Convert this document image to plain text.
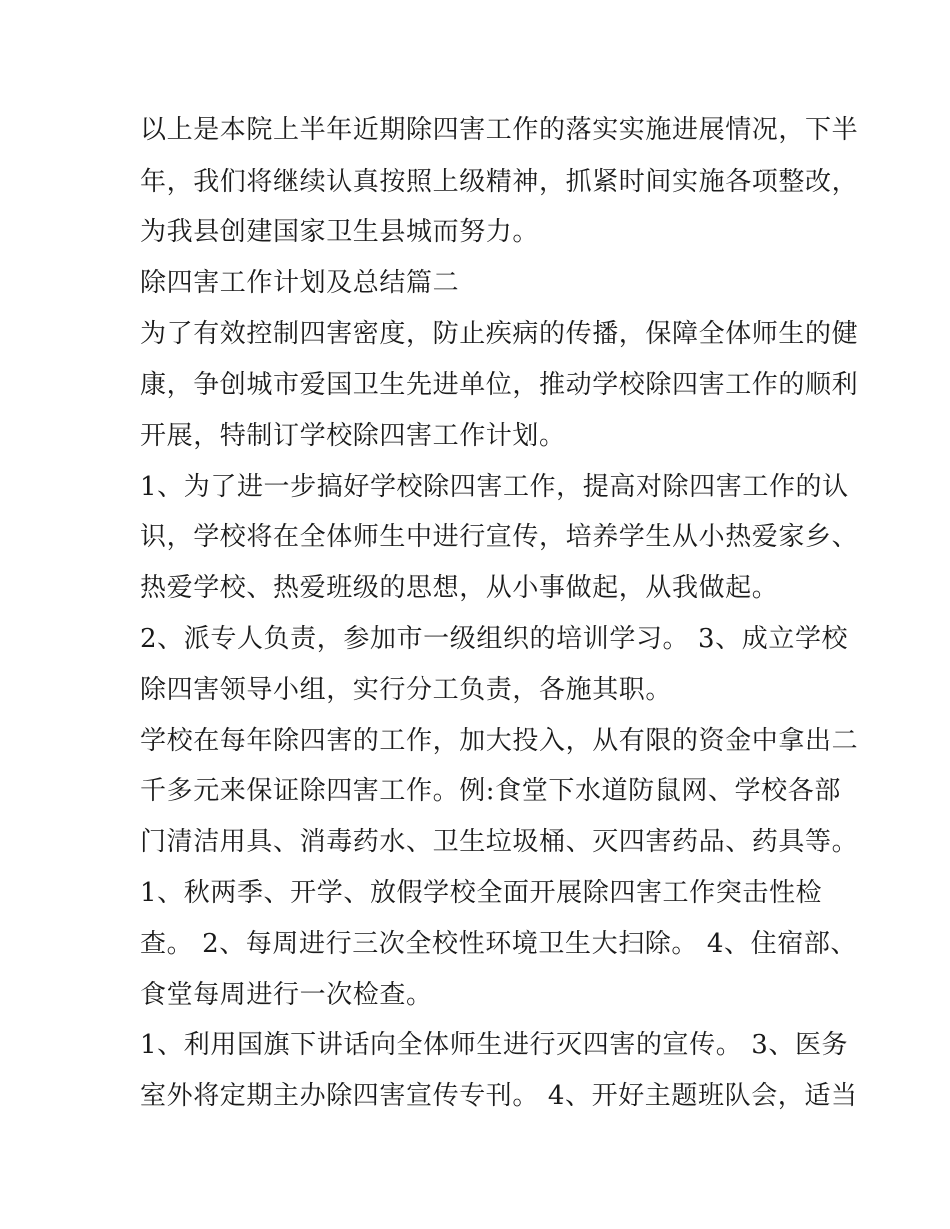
以上是本院上半年近期除四害工作的落实实施进展情况，下半
年，我们将继续认真按照上级精神，抓紧时间实施各项整改，
为我县创建国家卫生县城而努力。
除四害工作计划及总结篇二
为了有效控制四害密度，防止疾病的传播，保障全体师生的健
康，争创城市爱国卫生先进单位，推动学校除四害工作的顺利
开展，特制订学校除四害工作计划。
1、为了进一步搞好学校除四害工作，提高对除四害工作的认
识，学校将在全体师生中进行宣传，培养学生从小热爱家乡、
热爱学校、热爱班级的思想，从小事做起，从我做起。
2、派专人负责，参加市一级组织的培训学习。 3、成立学校
除四害领导小组，实行分工负责，各施其职。
学校在每年除四害的工作，加大投入，从有限的资金中拿出二
千多元来保证除四害工作。例:食堂下水道防鼠网、学校各部
门清洁用具、消毒药水、卫生垃圾桶、灭四害药品、药具等。
1、秋两季、开学、放假学校全面开展除四害工作突击性检
查。 2、每周进行三次全校性环境卫生大扫除。 4、住宿部、
食堂每周进行一次检查。
1、利用国旗下讲话向全体师生进行灭四害的宣传。 3、医务
室外将定期主办除四害宣传专刊。 4、开好主题班队会，适当
